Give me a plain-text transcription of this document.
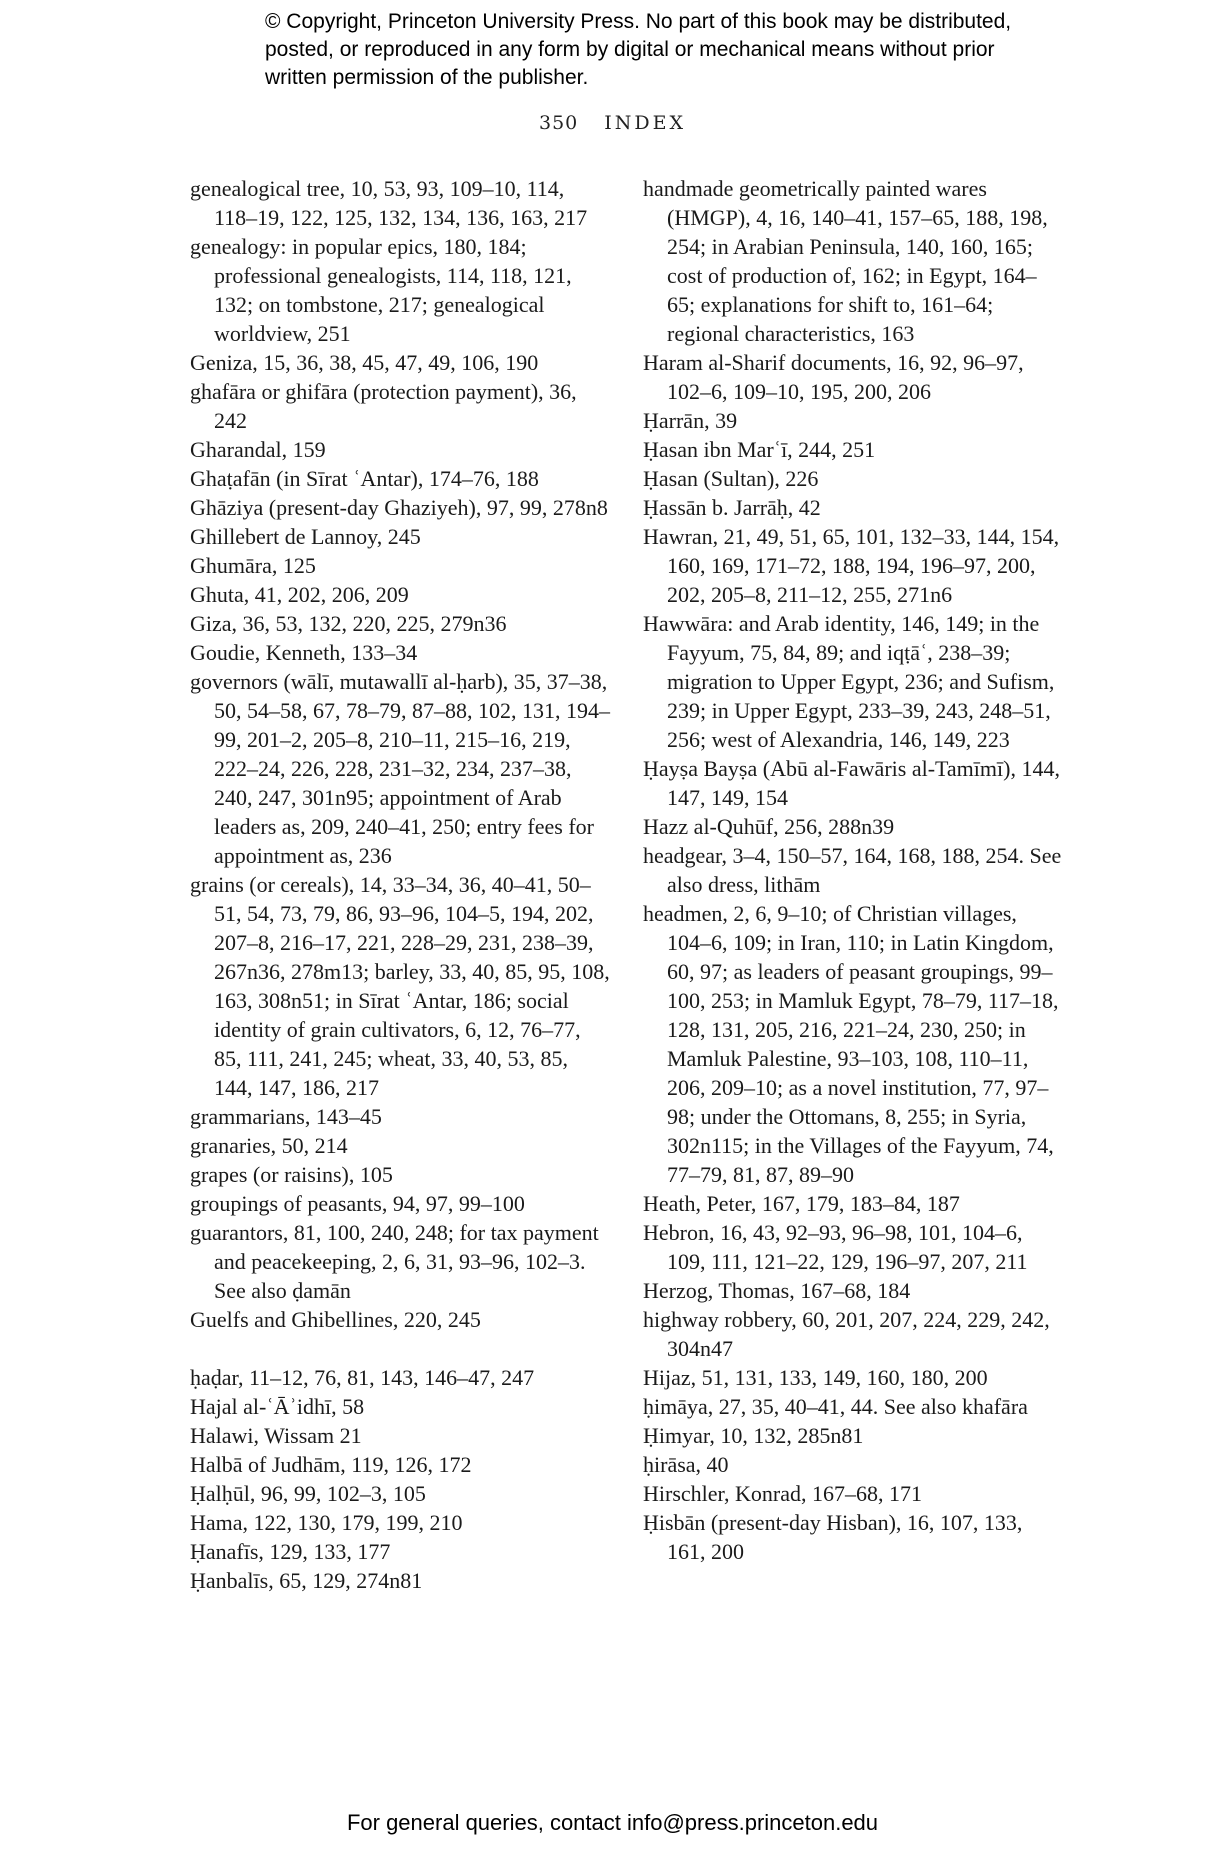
© Copyright, Princeton University Press. No part of this book may be distributed, posted, or reproduced in any form by digital or mechanical means without prior written permission of the publisher.
350 INDEX
genealogical tree, 10, 53, 93, 109–10, 114, 118–19, 122, 125, 132, 134, 136, 163, 217
genealogy: in popular epics, 180, 184; professional genealogists, 114, 118, 121, 132; on tombstone, 217; genealogical worldview, 251
Geniza, 15, 36, 38, 45, 47, 49, 106, 190
ghafāra or ghifāra (protection payment), 36, 242
Gharandal, 159
Ghaṭafān (in Sīrat ʿAntar), 174–76, 188
Ghāziya (present-day Ghaziyeh), 97, 99, 278n8
Ghillebert de Lannoy, 245
Ghumāra, 125
Ghuta, 41, 202, 206, 209
Giza, 36, 53, 132, 220, 225, 279n36
Goudie, Kenneth, 133–34
governors (wālī, mutawallī al-ḥarb), 35, 37–38, 50, 54–58, 67, 78–79, 87–88, 102, 131, 194–99, 201–2, 205–8, 210–11, 215–16, 219, 222–24, 226, 228, 231–32, 234, 237–38, 240, 247, 301n95; appointment of Arab leaders as, 209, 240–41, 250; entry fees for appointment as, 236
grains (or cereals), 14, 33–34, 36, 40–41, 50–51, 54, 73, 79, 86, 93–96, 104–5, 194, 202, 207–8, 216–17, 221, 228–29, 231, 238–39, 267n36, 278m13; barley, 33, 40, 85, 95, 108, 163, 308n51; in Sīrat ʿAntar, 186; social identity of grain cultivators, 6, 12, 76–77, 85, 111, 241, 245; wheat, 33, 40, 53, 85, 144, 147, 186, 217
grammarians, 143–45
granaries, 50, 214
grapes (or raisins), 105
groupings of peasants, 94, 97, 99–100
guarantors, 81, 100, 240, 248; for tax payment and peacekeeping, 2, 6, 31, 93–96, 102–3. See also ḍamān
Guelfs and Ghibellines, 220, 245
ḥaḍar, 11–12, 76, 81, 143, 146–47, 247
Hajal al-ʿĀʾidhī, 58
Halawi, Wissam 21
Halbā of Judhām, 119, 126, 172
Ḥalḥūl, 96, 99, 102–3, 105
Hama, 122, 130, 179, 199, 210
Ḥanafīs, 129, 133, 177
Ḥanbalīs, 65, 129, 274n81
handmade geometrically painted wares (HMGP), 4, 16, 140–41, 157–65, 188, 198, 254; in Arabian Peninsula, 140, 160, 165; cost of production of, 162; in Egypt, 164–65; explanations for shift to, 161–64; regional characteristics, 163
Haram al-Sharif documents, 16, 92, 96–97, 102–6, 109–10, 195, 200, 206
Ḥarrān, 39
Ḥasan ibn Marʿī, 244, 251
Ḥasan (Sultan), 226
Ḥassān b. Jarrāḥ, 42
Hawran, 21, 49, 51, 65, 101, 132–33, 144, 154, 160, 169, 171–72, 188, 194, 196–97, 200, 202, 205–8, 211–12, 255, 271n6
Hawwāra: and Arab identity, 146, 149; in the Fayyum, 75, 84, 89; and iqṭāʿ, 238–39; migration to Upper Egypt, 236; and Sufism, 239; in Upper Egypt, 233–39, 243, 248–51, 256; west of Alexandria, 146, 149, 223
Ḥayṣa Bayṣa (Abū al-Fawāris al-Tamīmī), 144, 147, 149, 154
Hazz al-Quhūf, 256, 288n39
headgear, 3–4, 150–57, 164, 168, 188, 254. See also dress, lithām
headmen, 2, 6, 9–10; of Christian villages, 104–6, 109; in Iran, 110; in Latin Kingdom, 60, 97; as leaders of peasant groupings, 99–100, 253; in Mamluk Egypt, 78–79, 117–18, 128, 131, 205, 216, 221–24, 230, 250; in Mamluk Palestine, 93–103, 108, 110–11, 206, 209–10; as a novel institution, 77, 97–98; under the Ottomans, 8, 255; in Syria, 302n115; in the Villages of the Fayyum, 74, 77–79, 81, 87, 89–90
Heath, Peter, 167, 179, 183–84, 187
Hebron, 16, 43, 92–93, 96–98, 101, 104–6, 109, 111, 121–22, 129, 196–97, 207, 211
Herzog, Thomas, 167–68, 184
highway robbery, 60, 201, 207, 224, 229, 242, 304n47
Hijaz, 51, 131, 133, 149, 160, 180, 200
ḥimāya, 27, 35, 40–41, 44. See also khafāra
Ḥimyar, 10, 132, 285n81
ḥirāsa, 40
Hirschler, Konrad, 167–68, 171
Ḥisbān (present-day Hisban), 16, 107, 133, 161, 200
For general queries, contact info@press.princeton.edu
